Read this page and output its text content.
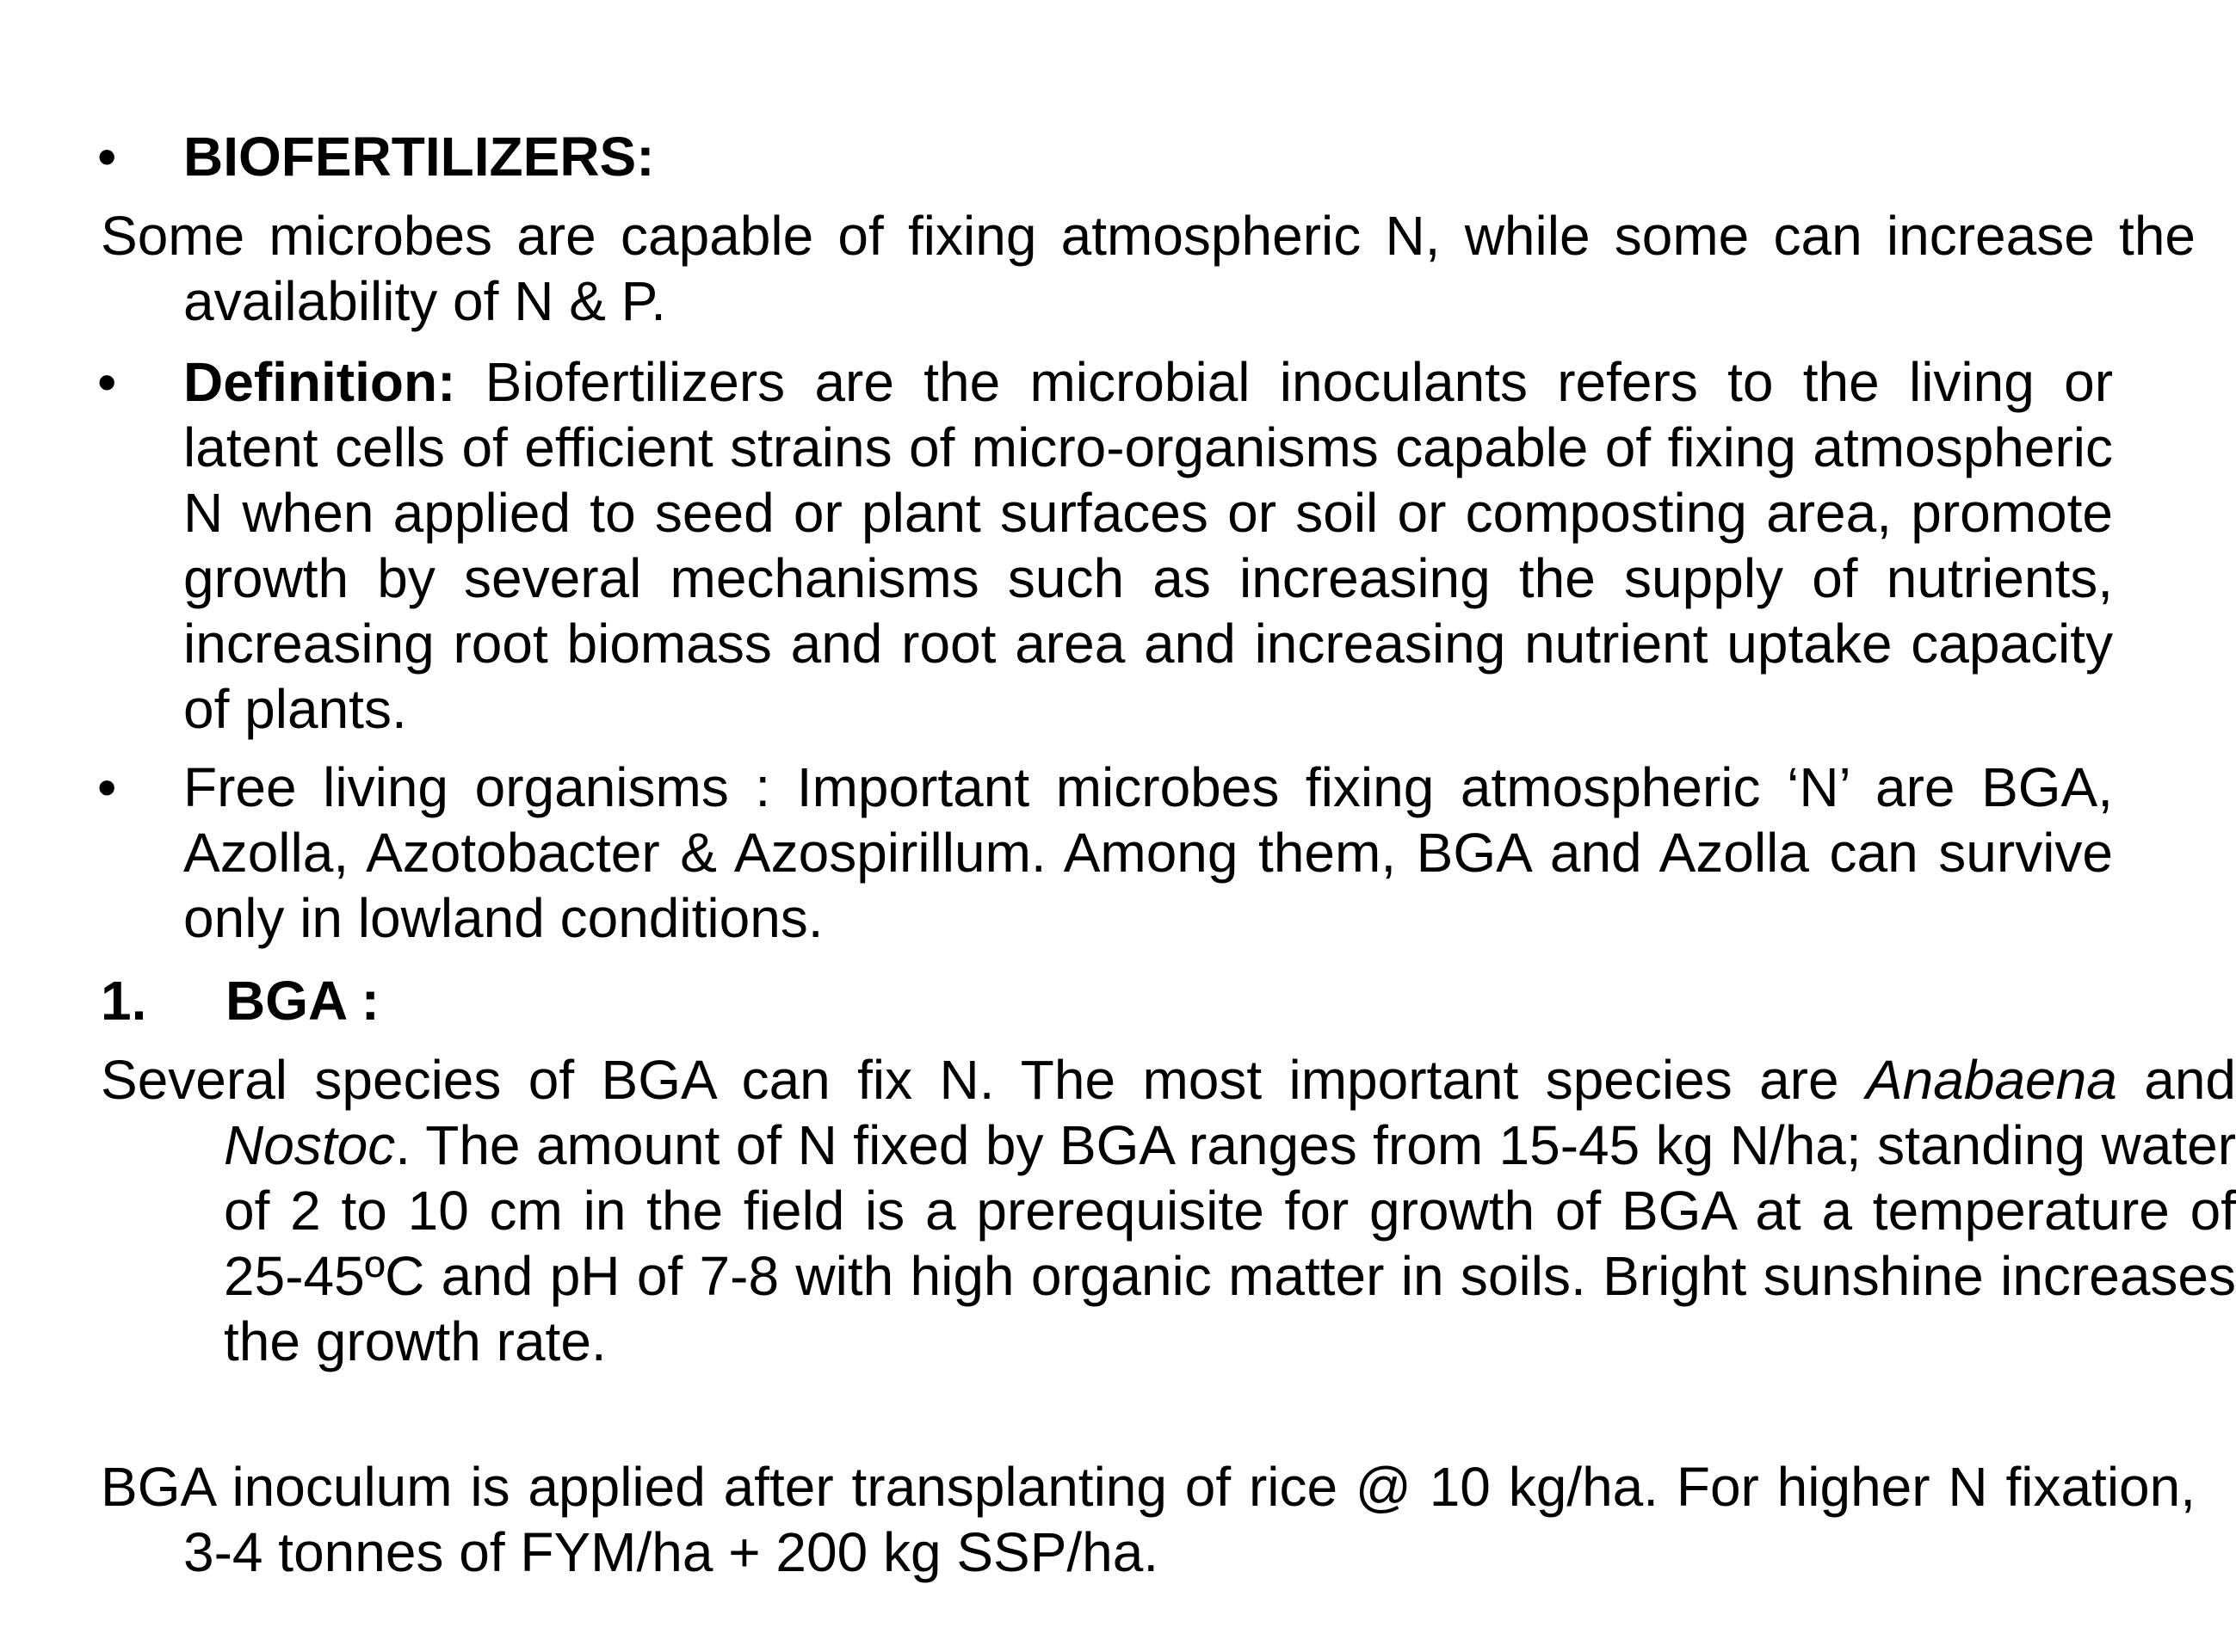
• BIOFERTILIZERS:
Some microbes are capable of fixing atmospheric N, while some can increase the availability of N & P.
• Definition: Biofertilizers are the microbial inoculants refers to the living or latent cells of efficient strains of micro-organisms capable of fixing atmospheric N when applied to seed or plant surfaces or soil or composting area, promote growth by several mechanisms such as increasing the supply of nutrients, increasing root biomass and root area and increasing nutrient uptake capacity of plants.
• Free living organisms : Important microbes fixing atmospheric ‘N’ are BGA, Azolla, Azotobacter & Azospirillum. Among them, BGA and Azolla can survive only in lowland conditions.
1. BGA :
Several species of BGA can fix N. The most important species are Anabaena and Nostoc. The amount of N fixed by BGA ranges from 15-45 kg N/ha; standing water of 2 to 10 cm in the field is a prerequisite for growth of BGA at a temperature of 25-45ºC and pH of 7-8 with high organic matter in soils. Bright sunshine increases the growth rate.
BGA inoculum is applied after transplanting of rice @ 10 kg/ha. For higher N fixation, 3-4 tonnes of FYM/ha + 200 kg SSP/ha.
